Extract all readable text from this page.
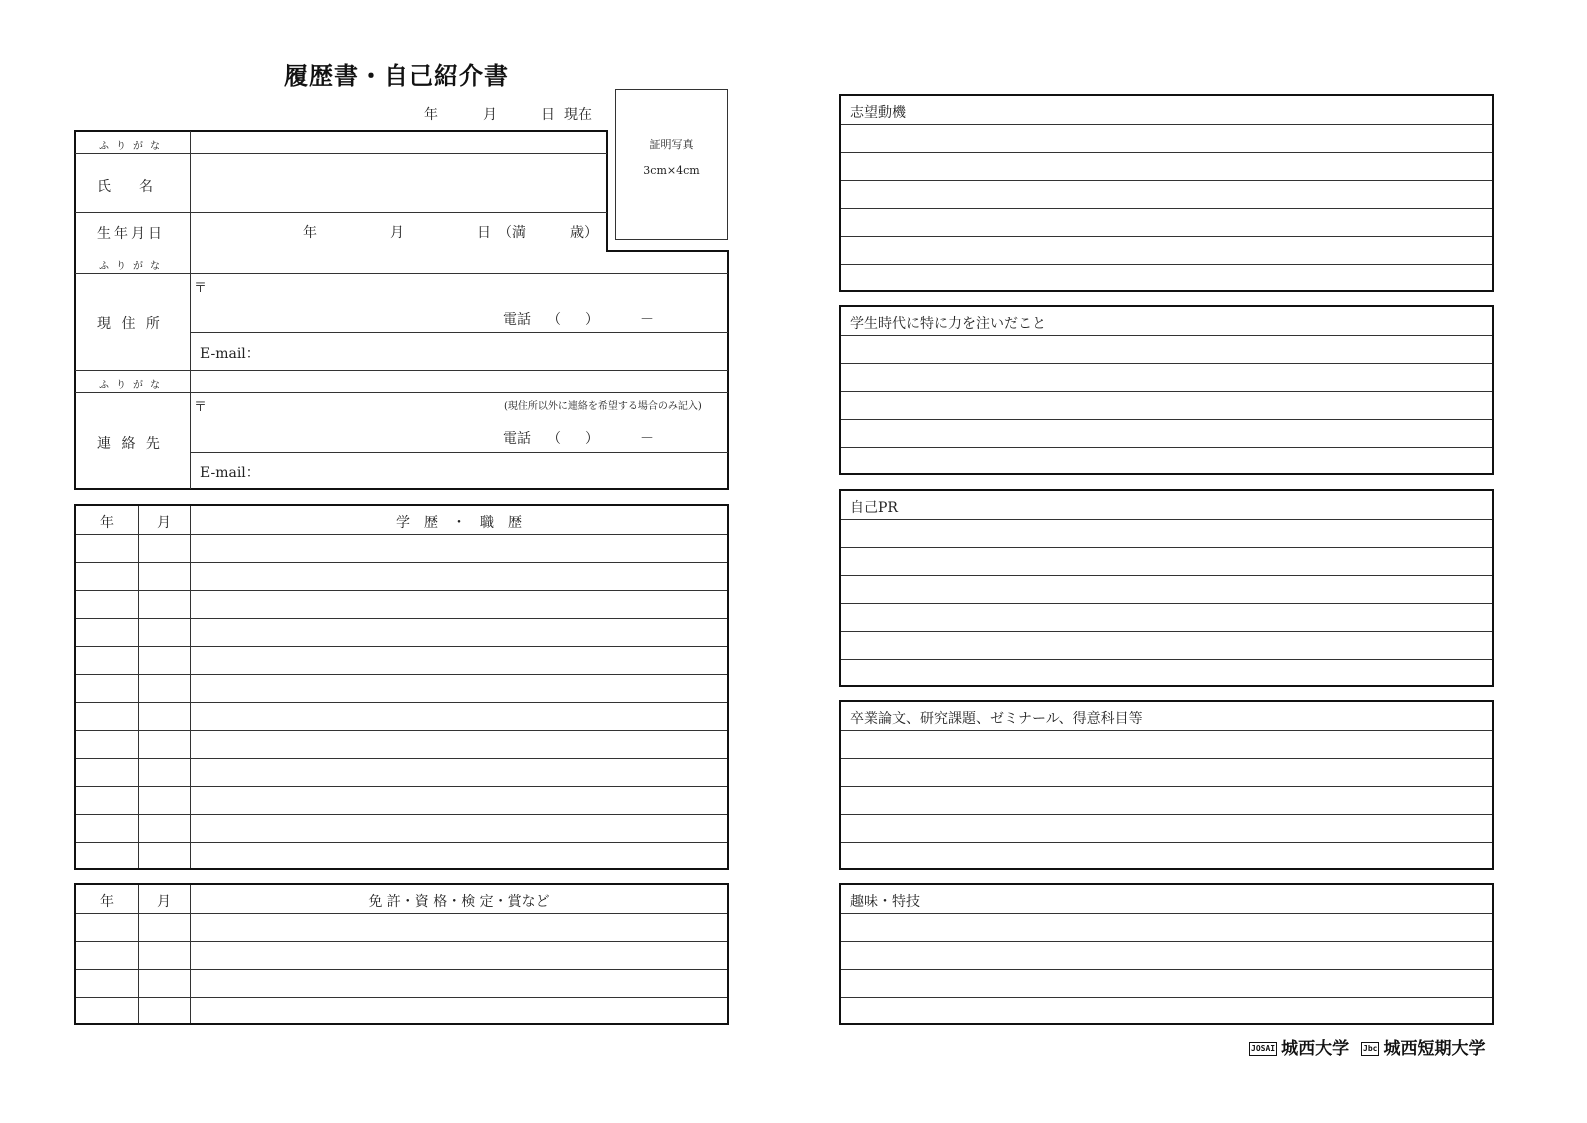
履歴書・自己紹介書
年	月	日 現在
証明写真
3cm×4cm
ふりがな
氏　　名
生年月日	年	月	日 （満	歳）
ふりがな
現 住 所
〒
電話 （ ）	－
E-mail：
ふりがな
連 絡 先
〒	(現住所以外に連絡を希望する場合のみ記入)
電話 （ ）	－
E-mail：
年	月	学　歴　・　職　歴
年	月	免 許・資 格・検 定・賞など
志望動機
学生時代に特に力を注いだこと
自己PR
卒業論文、研究課題、ゼミナール、得意科目等
趣味・特技
JOSAI 城西大学 Jbc 城西短期大学
